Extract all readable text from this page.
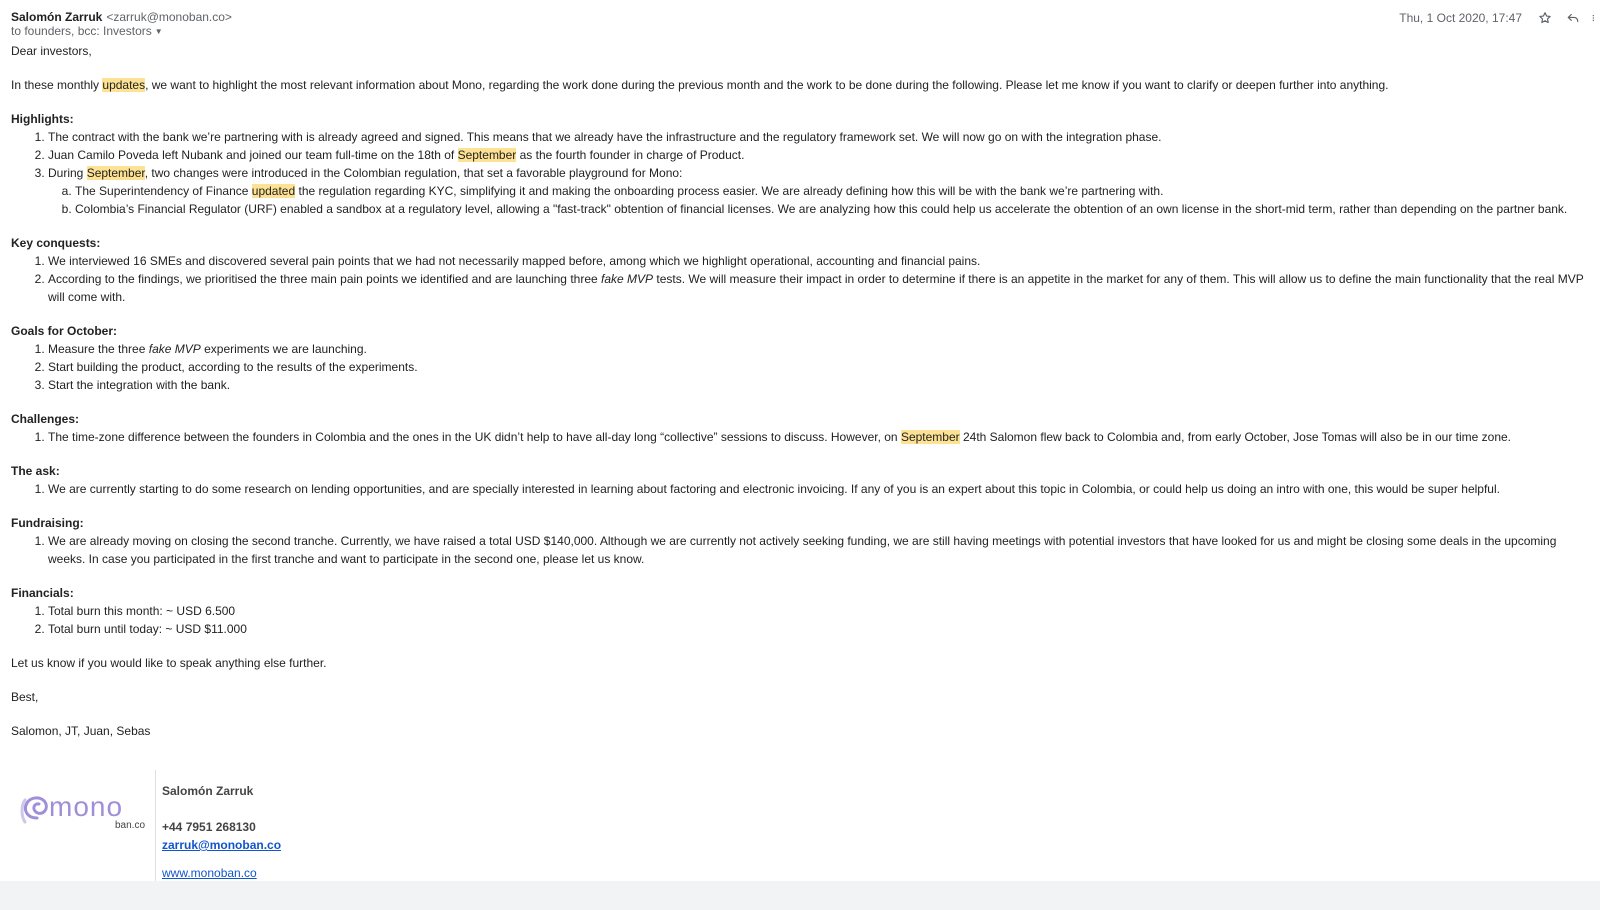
Salomón Zarruk <zarruk@monoban.co>
to founders, bcc: Investors ▼
Thu, 1 Oct 2020, 17:47

Dear investors,

In these monthly updates, we want to highlight the most relevant information about Mono, regarding the work done during the previous month and the work to be done during the following. Please let me know if you want to clarify or deepen further into anything.

Highlights:

1. The contract with the bank we’re partnering with is already agreed and signed. This means that we already have the infrastructure and the regulatory framework set. We will now go on with the integration phase.
2. Juan Camilo Poveda left Nubank and joined our team full-time on the 18th of September as the fourth founder in charge of Product.
3. During September, two changes were introduced in the Colombian regulation, that set a favorable playground for Mono:
a. The Superintendency of Finance updated the regulation regarding KYC, simplifying it and making the onboarding process easier. We are already defining how this will be with the bank we’re partnering with.
b. Colombia’s Financial Regulator (URF) enabled a sandbox at a regulatory level, allowing a "fast-track" obtention of financial licenses. We are analyzing how this could help us accelerate the obtention of an own license in the short-mid term, rather than depending on the partner bank.

Key conquests:

1. We interviewed 16 SMEs and discovered several pain points that we had not necessarily mapped before, among which we highlight operational, accounting and financial pains.
2. According to the findings, we prioritised the three main pain points we identified and are launching three fake MVP tests. We will measure their impact in order to determine if there is an appetite in the market for any of them. This will allow us to define the main functionality that the real MVP will come with.

Goals for October:

1. Measure the three fake MVP experiments we are launching.
2. Start building the product, according to the results of the experiments.
3. Start the integration with the bank.

Challenges:

1. The time-zone difference between the founders in Colombia and the ones in the UK didn’t help to have all-day long “collective” sessions to discuss. However, on September 24th Salomon flew back to Colombia and, from early October, Jose Tomas will also be in our time zone.

The ask:

1. We are currently starting to do some research on lending opportunities, and are specially interested in learning about factoring and electronic invoicing. If any of you is an expert about this topic in Colombia, or could help us doing an intro with one, this would be super helpful.

Fundraising:

1. We are already moving on closing the second tranche. Currently, we have raised a total USD $140,000. Although we are currently not actively seeking funding, we are still having meetings with potential investors that have looked for us and might be closing some deals in the upcoming weeks. In case you participated in the first tranche and want to participate in the second one, please let us know.

Financials:

1. Total burn this month: ~ USD 6.500
2. Total burn until today: ~ USD $11.000

Let us know if you would like to speak anything else further.

Best,

Salomon, JT, Juan, Sebas

mono
ban.co
Salomón Zarruk
+44 7951 268130
zarruk@monoban.co
www.monoban.co
